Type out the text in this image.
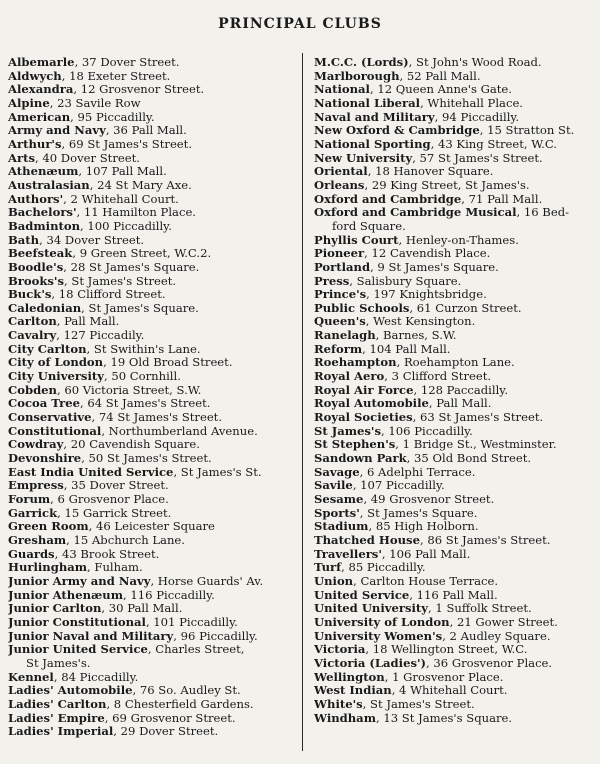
PRINCIPAL CLUBS
Albemarle, 37 Dover Street.
Aldwych, 18 Exeter Street.
Alexandra, 12 Grosvenor Street.
Alpine, 23 Savile Row
American, 95 Piccadilly.
Army and Navy, 36 Pall Mall.
Arthur's, 69 St James's Street.
Arts, 40 Dover Street.
Athenæum, 107 Pall Mall.
Australasian, 24 St Mary Axe.
Authors', 2 Whitehall Court.
Bachelors', 11 Hamilton Place.
Badminton, 100 Piccadilly.
Bath, 34 Dover Street.
Beefsteak, 9 Green Street, W.C.2.
Boodle's, 28 St James's Square.
Brooks's, St James's Street.
Buck's, 18 Clifford Street.
Caledonian, St James's Square.
Carlton, Pall Mall.
Cavalry, 127 Piccadily.
City Carlton, St Swithin's Lane.
City of London, 19 Old Broad Street.
City University, 50 Cornhill.
Cobden, 60 Victoria Street, S.W.
Cocoa Tree, 64 St James's Street.
Conservative, 74 St James's Street.
Constitutional, Northumberland Avenue.
Cowdray, 20 Cavendish Square.
Devonshire, 50 St James's Street.
East India United Service, St James's St.
Empress, 35 Dover Street.
Forum, 6 Grosvenor Place.
Garrick, 15 Garrick Street.
Green Room, 46 Leicester Square
Gresham, 15 Abchurch Lane.
Guards, 43 Brook Street.
Hurlingham, Fulham.
Junior Army and Navy, Horse Guards' Av.
Junior Athenæum, 116 Piccadilly.
Junior Carlton, 30 Pall Mall.
Junior Constitutional, 101 Piccadilly.
Junior Naval and Military, 96 Piccadilly.
Junior United Service, Charles Street,
St James's.
Kennel, 84 Piccadilly.
Ladies' Automobile, 76 So. Audley St.
Ladies' Carlton, 8 Chesterfield Gardens.
Ladies' Empire, 69 Grosvenor Street.
Ladies' Imperial, 29 Dover Street.
M.C.C. (Lords), St John's Wood Road.
Marlborough, 52 Pall Mall.
National, 12 Queen Anne's Gate.
National Liberal, Whitehall Place.
Naval and Military, 94 Piccadilly.
New Oxford & Cambridge, 15 Stratton St.
National Sporting, 43 King Street, W.C.
New University, 57 St James's Street.
Oriental, 18 Hanover Square.
Orleans, 29 King Street, St James's.
Oxford and Cambridge, 71 Pall Mall.
Oxford and Cambridge Musical, 16 Bed-
ford Square.
Phyllis Court, Henley-on-Thames.
Pioneer, 12 Cavendish Place.
Portland, 9 St James's Square.
Press, Salisbury Square.
Prince's, 197 Knightsbridge.
Public Schools, 61 Curzon Street.
Queen's, West Kensington.
Ranelagh, Barnes, S.W.
Reform, 104 Pall Mall.
Roehampton, Roehampton Lane.
Royal Aero, 3 Clifford Street.
Royal Air Force, 128 Paccadilly.
Royal Automobile, Pall Mall.
Royal Societies, 63 St James's Street.
St James's, 106 Piccadilly.
St Stephen's, 1 Bridge St., Westminster.
Sandown Park, 35 Old Bond Street.
Savage, 6 Adelphi Terrace.
Savile, 107 Piccadilly.
Sesame, 49 Grosvenor Street.
Sports', St James's Square.
Stadium, 85 High Holborn.
Thatched House, 86 St James's Street.
Travellers', 106 Pall Mall.
Turf, 85 Piccadilly.
Union, Carlton House Terrace.
United Service, 116 Pall Mall.
United University, 1 Suffolk Street.
University of London, 21 Gower Street.
University Women's, 2 Audley Square.
Victoria, 18 Wellington Street, W.C.
Victoria (Ladies'), 36 Grosvenor Place.
Wellington, 1 Grosvenor Place.
West Indian, 4 Whitehall Court.
White's, St James's Street.
Windham, 13 St James's Square.
